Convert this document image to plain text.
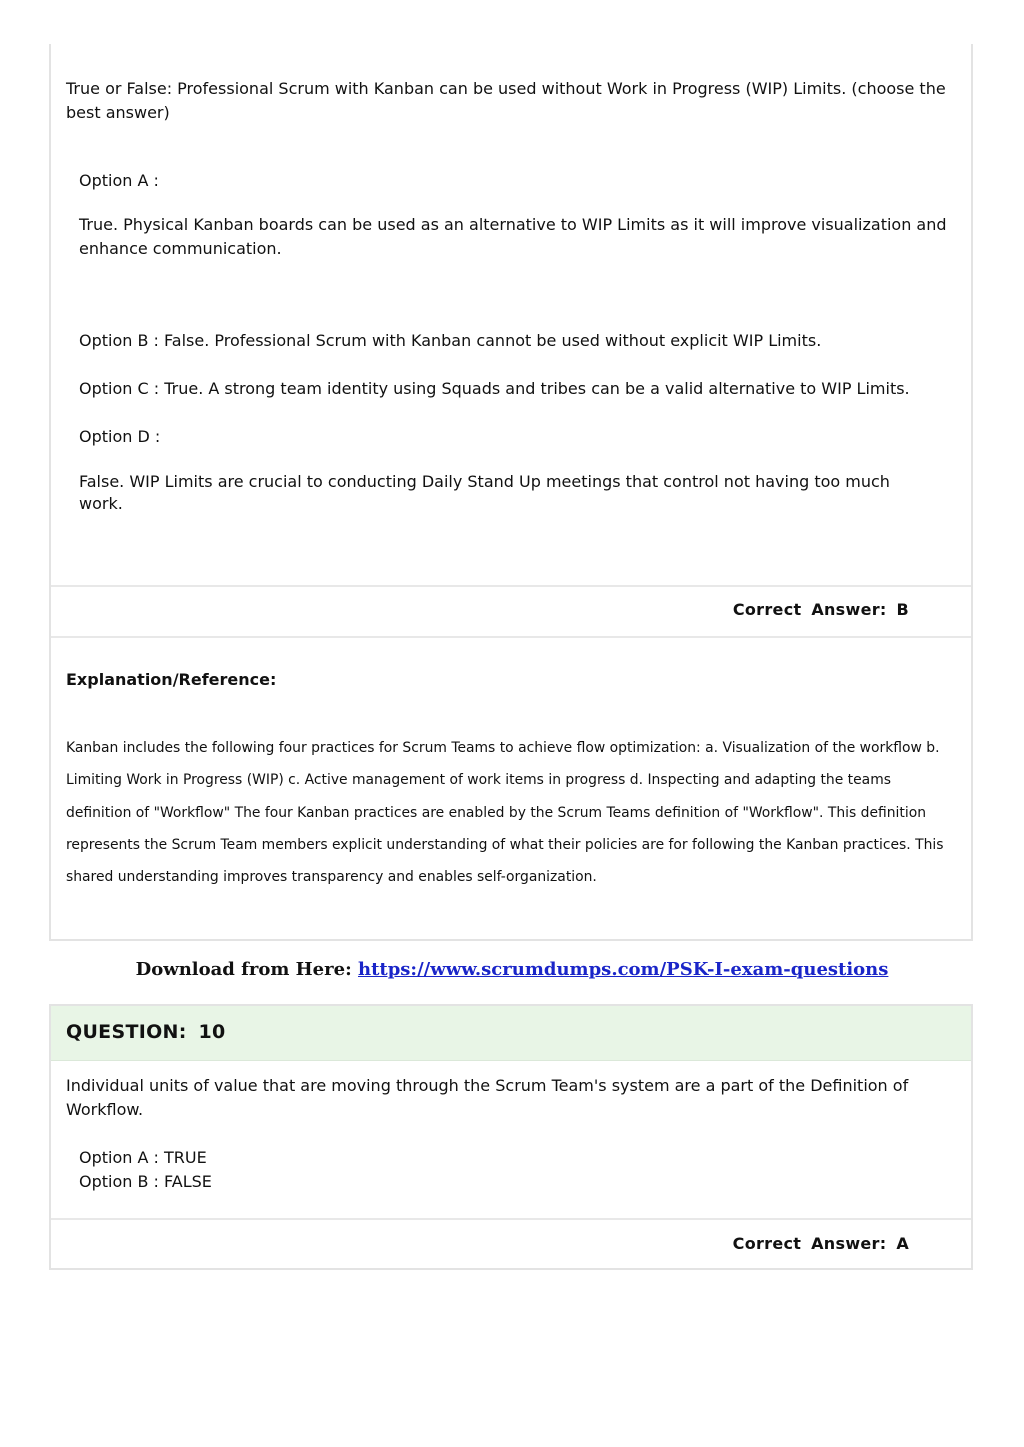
True or False: Professional Scrum with Kanban can be used without Work in Progress (WIP) Limits. (choose the best answer)

Option A :

True. Physical Kanban boards can be used as an alternative to WIP Limits as it will improve visualization and enhance communication.

Option B : False. Professional Scrum with Kanban cannot be used without explicit WIP Limits.

Option C : True. A strong team identity using Squads and tribes can be a valid alternative to WIP Limits.

Option D :

False. WIP Limits are crucial to conducting Daily Stand Up meetings that control not having too much work.

Correct Answer: B
Explanation/Reference:

Kanban includes the following four practices for Scrum Teams to achieve flow optimization: a. Visualization of the workflow b. Limiting Work in Progress (WIP) c. Active management of work items in progress d. Inspecting and adapting the teams definition of "Workflow" The four Kanban practices are enabled by the Scrum Teams definition of "Workflow". This definition represents the Scrum Team members explicit understanding of what their policies are for following the Kanban practices. This shared understanding improves transparency and enables self-organization.

Download from Here: https://www.scrumdumps.com/PSK-I-exam-questions
QUESTION: 10

Individual units of value that are moving through the Scrum Team's system are a part of the Definition of Workflow.

Option A : TRUE

Option B : FALSE

Correct Answer: A
